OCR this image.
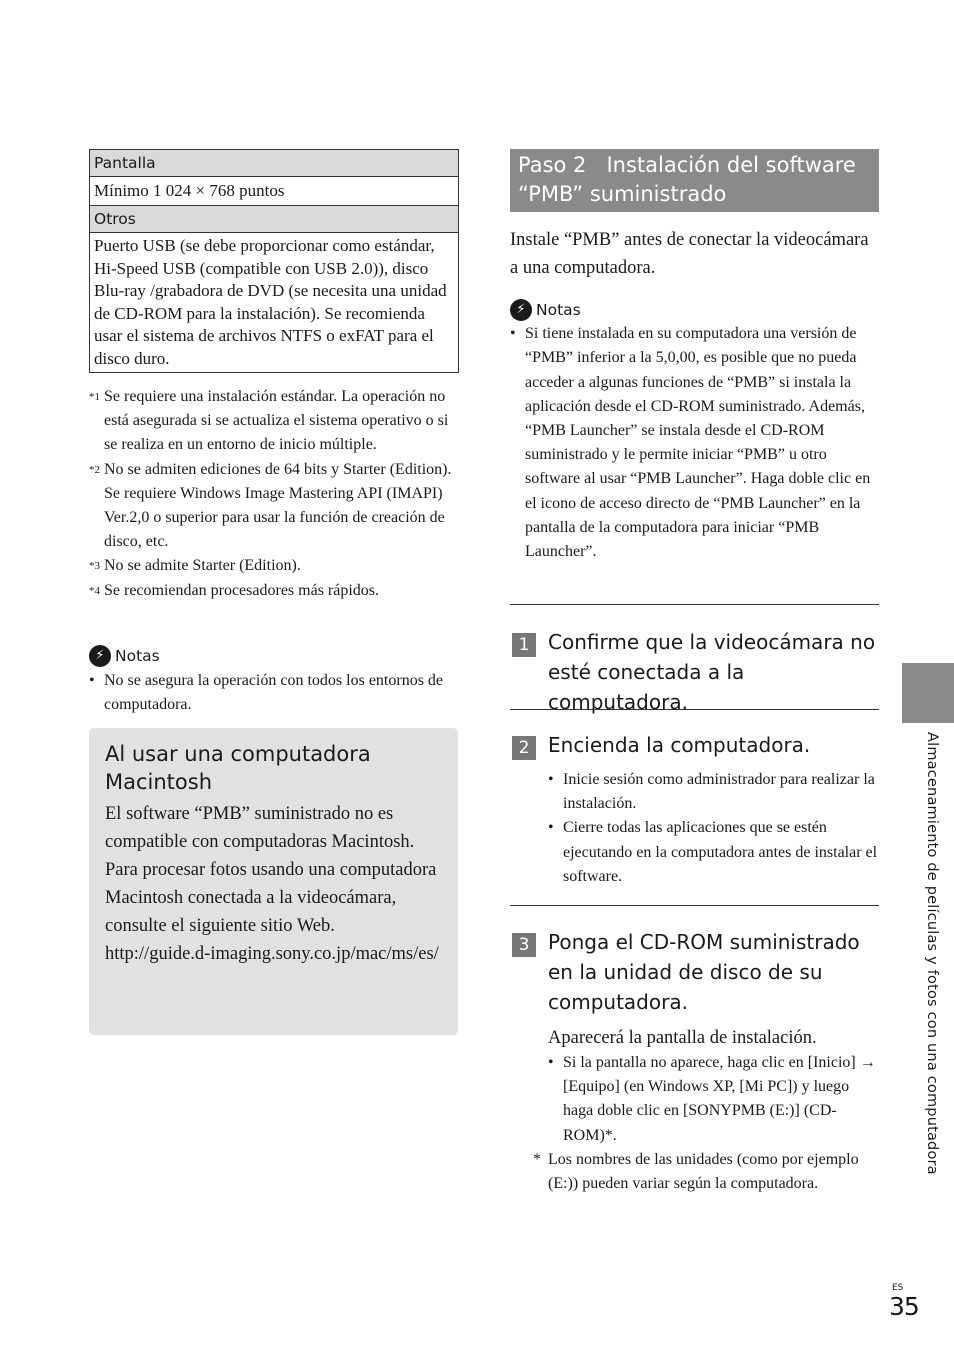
Pantalla
Mínimo 1 024 × 768 puntos
Otros
Puerto USB (se debe proporcionar como estándar, Hi-Speed USB (compatible con USB 2.0)), disco Blu-ray /grabadora de DVD (se necesita una unidad de CD-ROM para la instalación). Se recomienda usar el sistema de archivos NTFS o exFAT para el disco duro.
*1 Se requiere una instalación estándar. La operación no está asegurada si se actualiza el sistema operativo o si se realiza en un entorno de inicio múltiple.
*2 No se admiten ediciones de 64 bits y Starter (Edition). Se requiere Windows Image Mastering API (IMAPI) Ver.2,0 o superior para usar la función de creación de disco, etc.
*3 No se admite Starter (Edition).
*4 Se recomiendan procesadores más rápidos.
⚡ Notas
• No se asegura la operación con todos los entornos de computadora.
Al usar una computadora Macintosh
El software “PMB” suministrado no es compatible con computadoras Macintosh. Para procesar fotos usando una computadora Macintosh conectada a la videocámara, consulte el siguiente sitio Web.
http://guide.d-imaging.sony.co.jp/mac/ms/es/
Paso 2   Instalación del software
“PMB” suministrado
Instale “PMB” antes de conectar la videocámara a una computadora.
⚡ Notas
• Si tiene instalada en su computadora una versión de “PMB” inferior a la 5,0,00, es posible que no pueda acceder a algunas funciones de “PMB” si instala la aplicación desde el CD-ROM suministrado. Además, “PMB Launcher” se instala desde el CD-ROM suministrado y le permite iniciar “PMB” u otro software al usar “PMB Launcher”. Haga doble clic en el icono de acceso directo de “PMB Launcher” en la pantalla de la computadora para iniciar “PMB Launcher”.
1 Confirme que la videocámara no esté conectada a la computadora.
2 Encienda la computadora.
• Inicie sesión como administrador para realizar la instalación.
• Cierre todas las aplicaciones que se estén ejecutando en la computadora antes de instalar el software.
3 Ponga el CD-ROM suministrado en la unidad de disco de su computadora.
Aparecerá la pantalla de instalación.
• Si la pantalla no aparece, haga clic en [Inicio] → [Equipo] (en Windows XP, [Mi PC]) y luego haga doble clic en [SONYPMB (E:)] (CD-ROM)*.
* Los nombres de las unidades (como por ejemplo (E:)) pueden variar según la computadora.
Almacenamiento de películas y fotos con una computadora
ES
35
